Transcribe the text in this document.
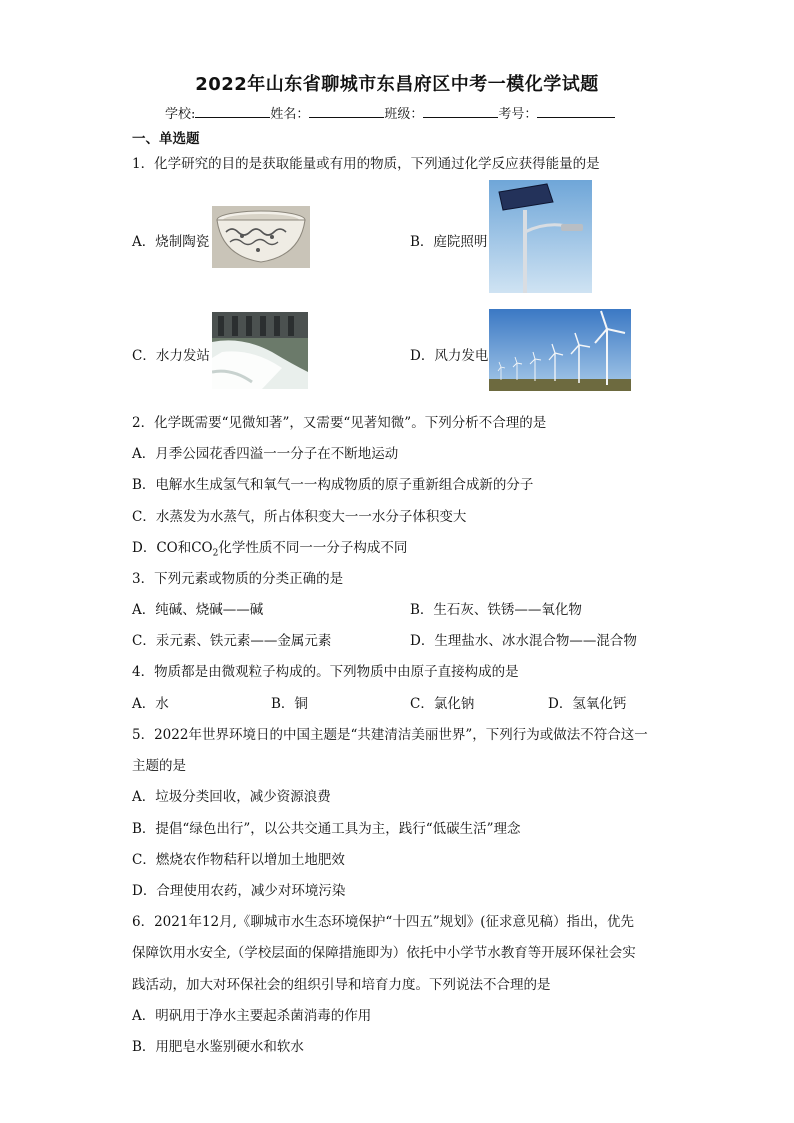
2022年山东省聊城市东昌府区中考一模化学试题
学校:	姓名：	班级：	考号：
一、单选题
1．化学研究的目的是获取能量或有用的物质，下列通过化学反应获得能量的是
A．烧制陶瓷	B．庭院照明
C．水力发站	D．风力发电
2．化学既需要“见微知著”，又需要“见著知微”。下列分析不合理的是
A．月季公园花香四溢一一分子在不断地运动
B．电解水生成氢气和氧气一一构成物质的原子重新组合成新的分子
C．水蒸发为水蒸气，所占体积变大一一水分子体积变大
D．CO和$CO_2$化学性质不同一一分子构成不同
3．下列元素或物质的分类正确的是
A．纯碱、烧碱——碱	B．生石灰、铁锈——氧化物
C．汞元素、铁元素——金属元素	D．生理盐水、冰水混合物——混合物
4．物质都是由微观粒子构成的。下列物质中由原子直接构成的是
A．水	B．铜	C．氯化钠	D．氢氧化钙
5．2022年世界环境日的中国主题是“共建清洁美丽世界”，下列行为或做法不符合这一
主题的是
A．垃圾分类回收，减少资源浪费
B．提倡“绿色出行”，以公共交通工具为主，践行“低碳生活”理念
C．燃烧农作物秸秆以增加土地肥效
D．合理使用农药，减少对环境污染
6．2021年12月,《聊城市水生态环境保护“十四五”规划》(征求意见稿）指出，优先
保障饮用水安全,（学校层面的保障措施即为）依托中小学节水教育等开展环保社会实
践活动，加大对环保社会的组织引导和培育力度。下列说法不合理的是
A．明矾用于净水主要起杀菌消毒的作用
B．用肥皂水鉴别硬水和软水
